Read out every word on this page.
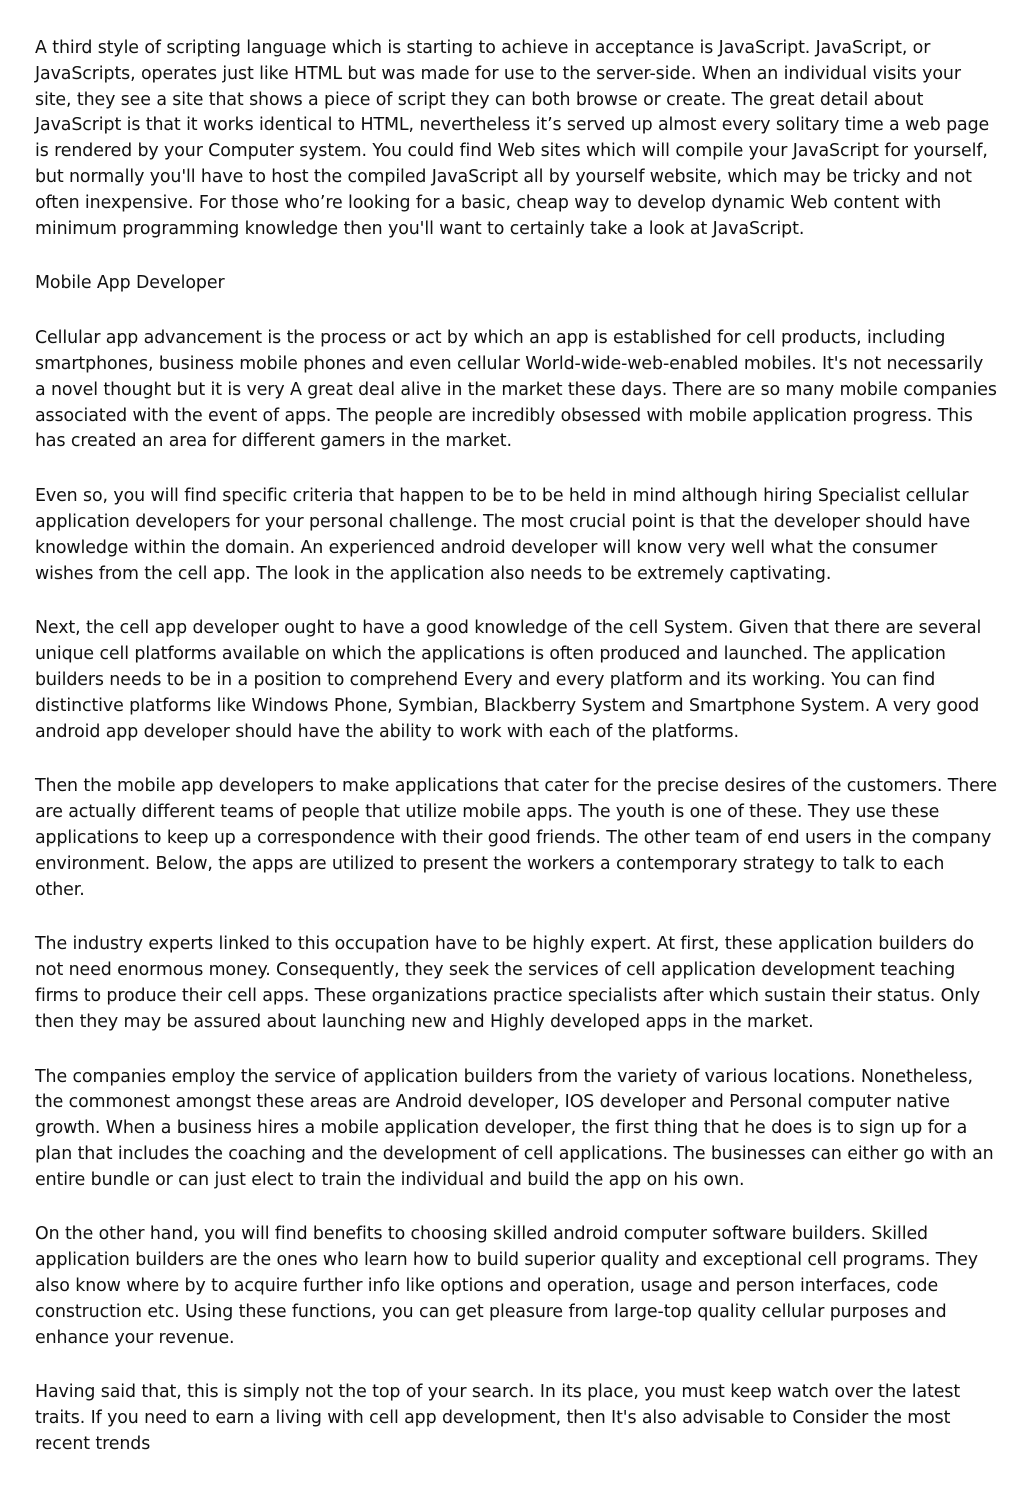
A third style of scripting language which is starting to achieve in acceptance is JavaScript. JavaScript, or JavaScripts, operates just like HTML but was made for use to the server-side. When an individual visits your site, they see a site that shows a piece of script they can both browse or create. The great detail about JavaScript is that it works identical to HTML, nevertheless it’s served up almost every solitary time a web page is rendered by your Computer system. You could find Web sites which will compile your JavaScript for yourself, but normally you'll have to host the compiled JavaScript all by yourself website, which may be tricky and not often inexpensive. For those who’re looking for a basic, cheap way to develop dynamic Web content with minimum programming knowledge then you'll want to certainly take a look at JavaScript.

Mobile App Developer

Cellular app advancement is the process or act by which an app is established for cell products, including smartphones, business mobile phones and even cellular World-wide-web-enabled mobiles. It's not necessarily a novel thought but it is very A great deal alive in the market these days. There are so many mobile companies associated with the event of apps. The people are incredibly obsessed with mobile application progress. This has created an area for different gamers in the market.

Even so, you will find specific criteria that happen to be to be held in mind although hiring Specialist cellular application developers for your personal challenge. The most crucial point is that the developer should have knowledge within the domain. An experienced android developer will know very well what the consumer wishes from the cell app. The look in the application also needs to be extremely captivating.

Next, the cell app developer ought to have a good knowledge of the cell System. Given that there are several unique cell platforms available on which the applications is often produced and launched. The application builders needs to be in a position to comprehend Every and every platform and its working. You can find distinctive platforms like Windows Phone, Symbian, Blackberry System and Smartphone System. A very good android app developer should have the ability to work with each of the platforms.

Then the mobile app developers to make applications that cater for the precise desires of the customers. There are actually different teams of people that utilize mobile apps. The youth is one of these. They use these applications to keep up a correspondence with their good friends. The other team of end users in the company environment. Below, the apps are utilized to present the workers a contemporary strategy to talk to each other.

The industry experts linked to this occupation have to be highly expert. At first, these application builders do not need enormous money. Consequently, they seek the services of cell application development teaching firms to produce their cell apps. These organizations practice specialists after which sustain their status. Only then they may be assured about launching new and Highly developed apps in the market.

The companies employ the service of application builders from the variety of various locations. Nonetheless, the commonest amongst these areas are Android developer, IOS developer and Personal computer native growth. When a business hires a mobile application developer, the first thing that he does is to sign up for a plan that includes the coaching and the development of cell applications. The businesses can either go with an entire bundle or can just elect to train the individual and build the app on his own.

On the other hand, you will find benefits to choosing skilled android computer software builders. Skilled application builders are the ones who learn how to build superior quality and exceptional cell programs. They also know where by to acquire further info like options and operation, usage and person interfaces, code construction etc. Using these functions, you can get pleasure from large-top quality cellular purposes and enhance your revenue.

Having said that, this is simply not the top of your search. In its place, you must keep watch over the latest traits. If you need to earn a living with cell app development, then It's also advisable to Consider the most recent trends
